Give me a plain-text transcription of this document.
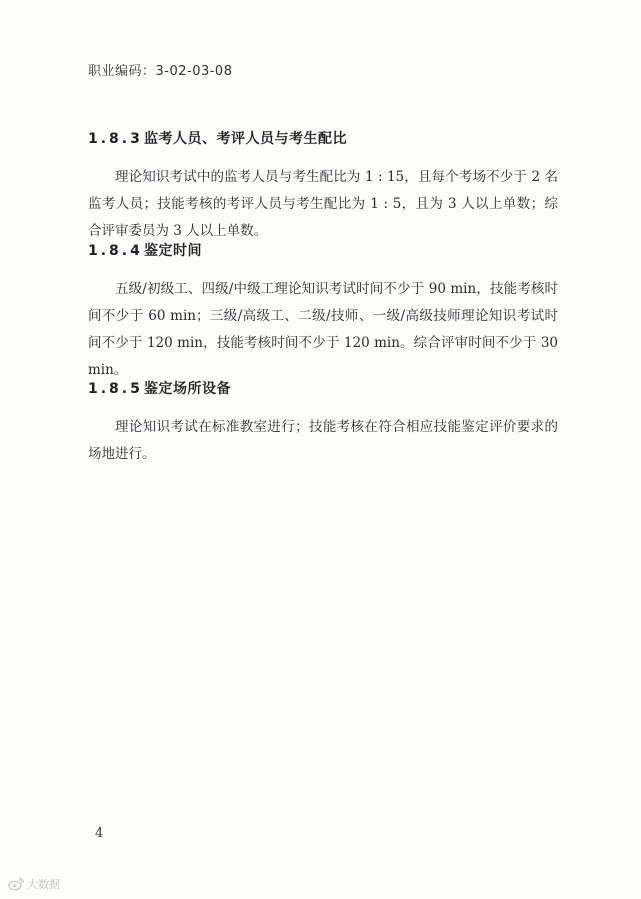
职业编码：3-02-03-08
1.8.3监考人员、考评人员与考生配比

理论知识考试中的监考人员与考生配比为 1 : 15，且每个考场不少于 2 名监考人员；技能考核的考评人员与考生配比为 1 : 5，且为 3 人以上单数；综合评审委员为 3 人以上单数。

1.8.4鉴定时间

五级/初级工、四级/中级工理论知识考试时间不少于 90 min，技能考核时间不少于 60 min；三级/高级工、二级/技师、一级/高级技师理论知识考试时间不少于 120 min，技能考核时间不少于 120 min。综合评审时间不少于 30 min。

1.8.5鉴定场所设备

理论知识考试在标准教室进行；技能考核在符合相应技能鉴定评价要求的场地进行。

4
大数据
